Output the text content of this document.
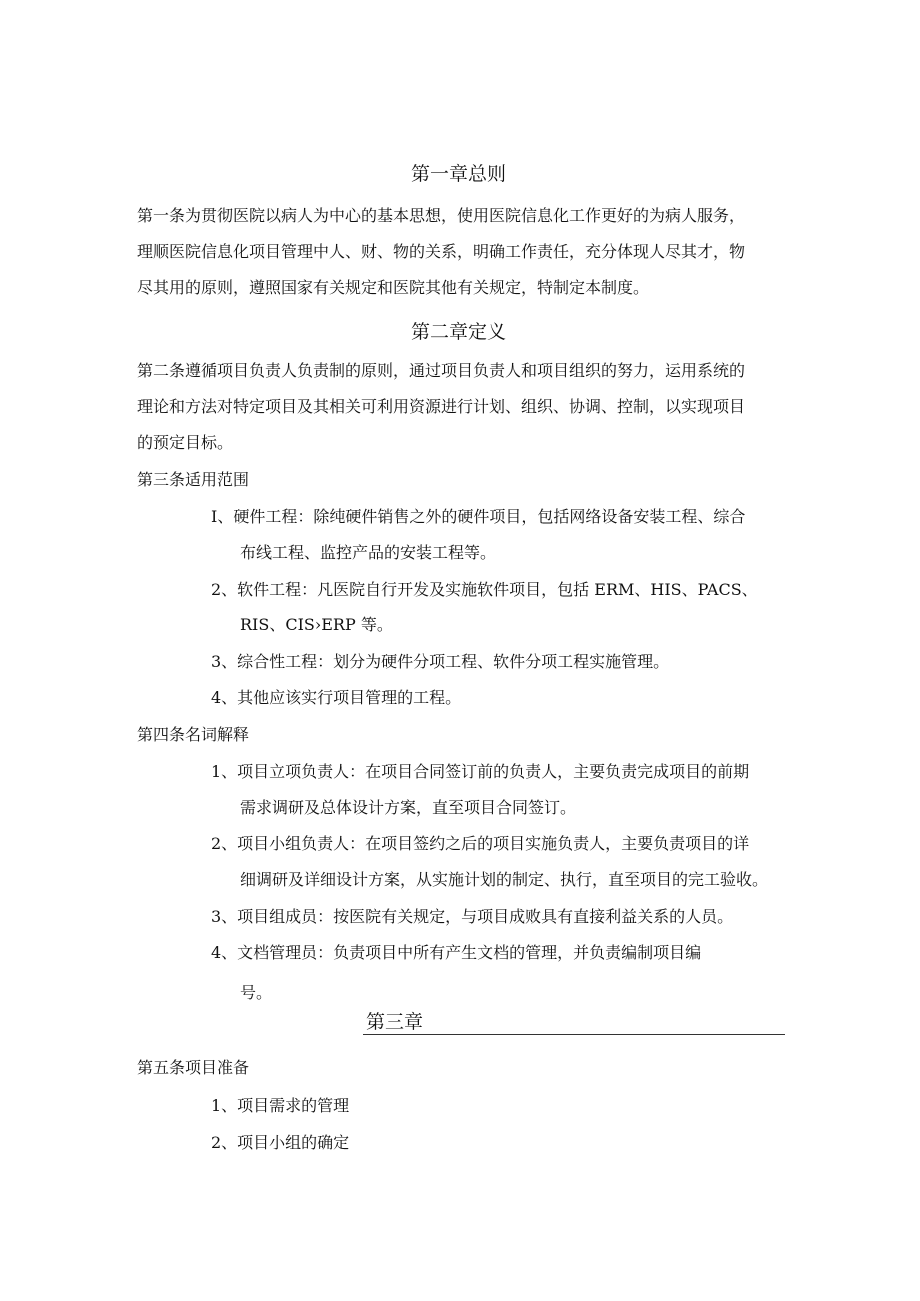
第一章总则
第一条为贯彻医院以病人为中心的基本思想，使用医院信息化工作更好的为病人服务，
理顺医院信息化项目管理中人、财、物的关系，明确工作责任，充分体现人尽其才，物
尽其用的原则，遵照国家有关规定和医院其他有关规定，特制定本制度。
第二章定义
第二条遵循项目负责人负责制的原则，通过项目负责人和项目组织的努力，运用系统的
理论和方法对特定项目及其相关可利用资源进行计划、组织、协调、控制，以实现项目
的预定目标。
第三条适用范围
I、硬件工程：除纯硬件销售之外的硬件项目，包括网络设备安装工程、综合
布线工程、监控产品的安装工程等。
2、软件工程：凡医院自行开发及实施软件项目，包括 ERM、HIS、PACS、
RIS、CIS›ERP 等。
3、综合性工程：划分为硬件分项工程、软件分项工程实施管理。
4、其他应该实行项目管理的工程。
第四条名词解释
1、项目立项负责人：在项目合同签订前的负责人，主要负责完成项目的前期
需求调研及总体设计方案，直至项目合同签订。
2、项目小组负责人：在项目签约之后的项目实施负责人，主要负责项目的详
细调研及详细设计方案，从实施计划的制定、执行，直至项目的完工验收。
3、项目组成员：按医院有关规定，与项目成败具有直接利益关系的人员。
4、文档管理员：负责项目中所有产生文档的管理，并负责编制项目编
号。
第三章
第五条项目准备
1、项目需求的管理
2、项目小组的确定
